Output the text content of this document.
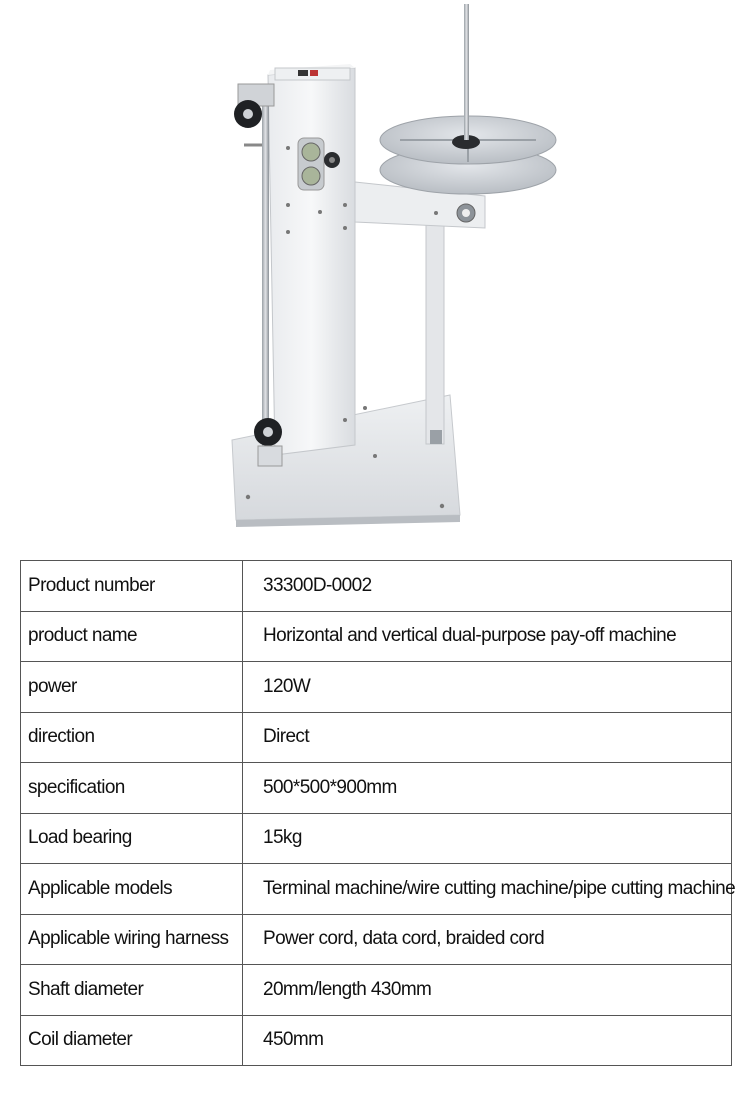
Product number	33300D-0002
product name	Horizontal and vertical dual-purpose pay-off machine
power	120W
direction	Direct
specification	500*500*900mm
Load bearing	15kg
Applicable models	Terminal machine/wire cutting machine/pipe cutting machine
Applicable wiring harness	Power cord, data cord, braided cord
Shaft diameter	20mm/length 430mm
Coil diameter	450mm
